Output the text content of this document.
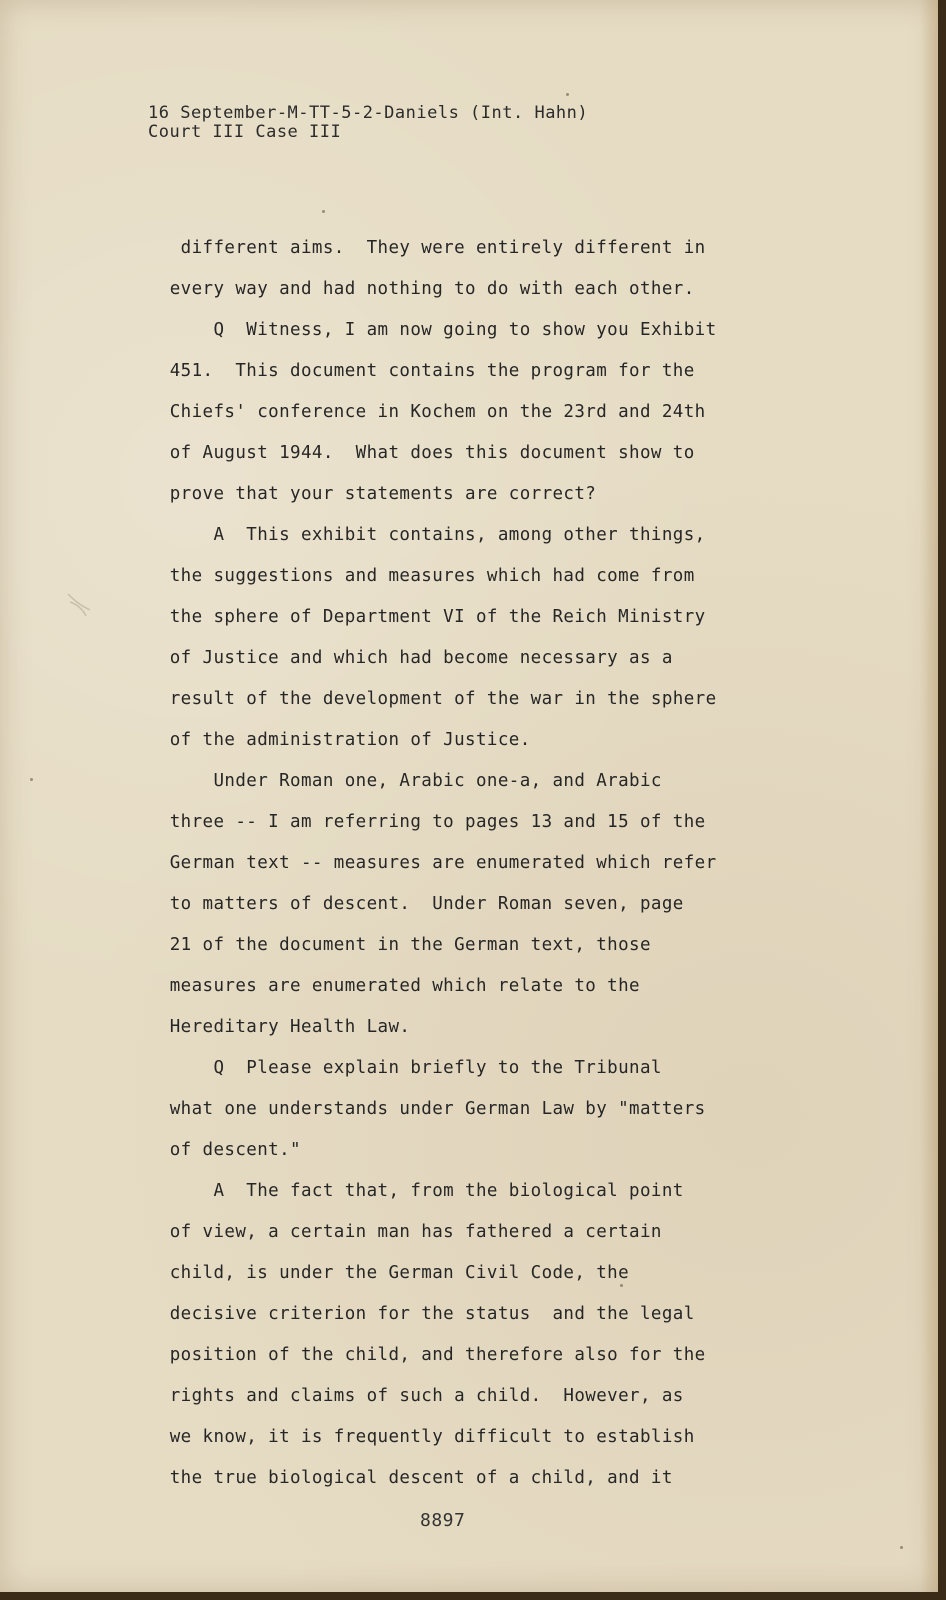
16 September-M-TT-5-2-Daniels (Int. Hahn)
Court III Case III
different aims.  They were entirely different in
every way and had nothing to do with each other.
Q  Witness, I am now going to show you Exhibit
451.  This document contains the program for the
Chiefs' conference in Kochem on the 23rd and 24th
of August 1944.  What does this document show to
prove that your statements are correct?
A  This exhibit contains, among other things,
the suggestions and measures which had come from
the sphere of Department VI of the Reich Ministry
of Justice and which had become necessary as a
result of the development of the war in the sphere
of the administration of Justice.
Under Roman one, Arabic one-a, and Arabic
three -- I am referring to pages 13 and 15 of the
German text -- measures are enumerated which refer
to matters of descent.  Under Roman seven, page
21 of the document in the German text, those
measures are enumerated which relate to the
Hereditary Health Law.
Q  Please explain briefly to the Tribunal
what one understands under German Law by "matters
of descent."
A  The fact that, from the biological point
of view, a certain man has fathered a certain
child, is under the German Civil Code, the
decisive criterion for the status  and the legal
position of the child, and therefore also for the
rights and claims of such a child.  However, as
we know, it is frequently difficult to establish
the true biological descent of a child, and it
8897
